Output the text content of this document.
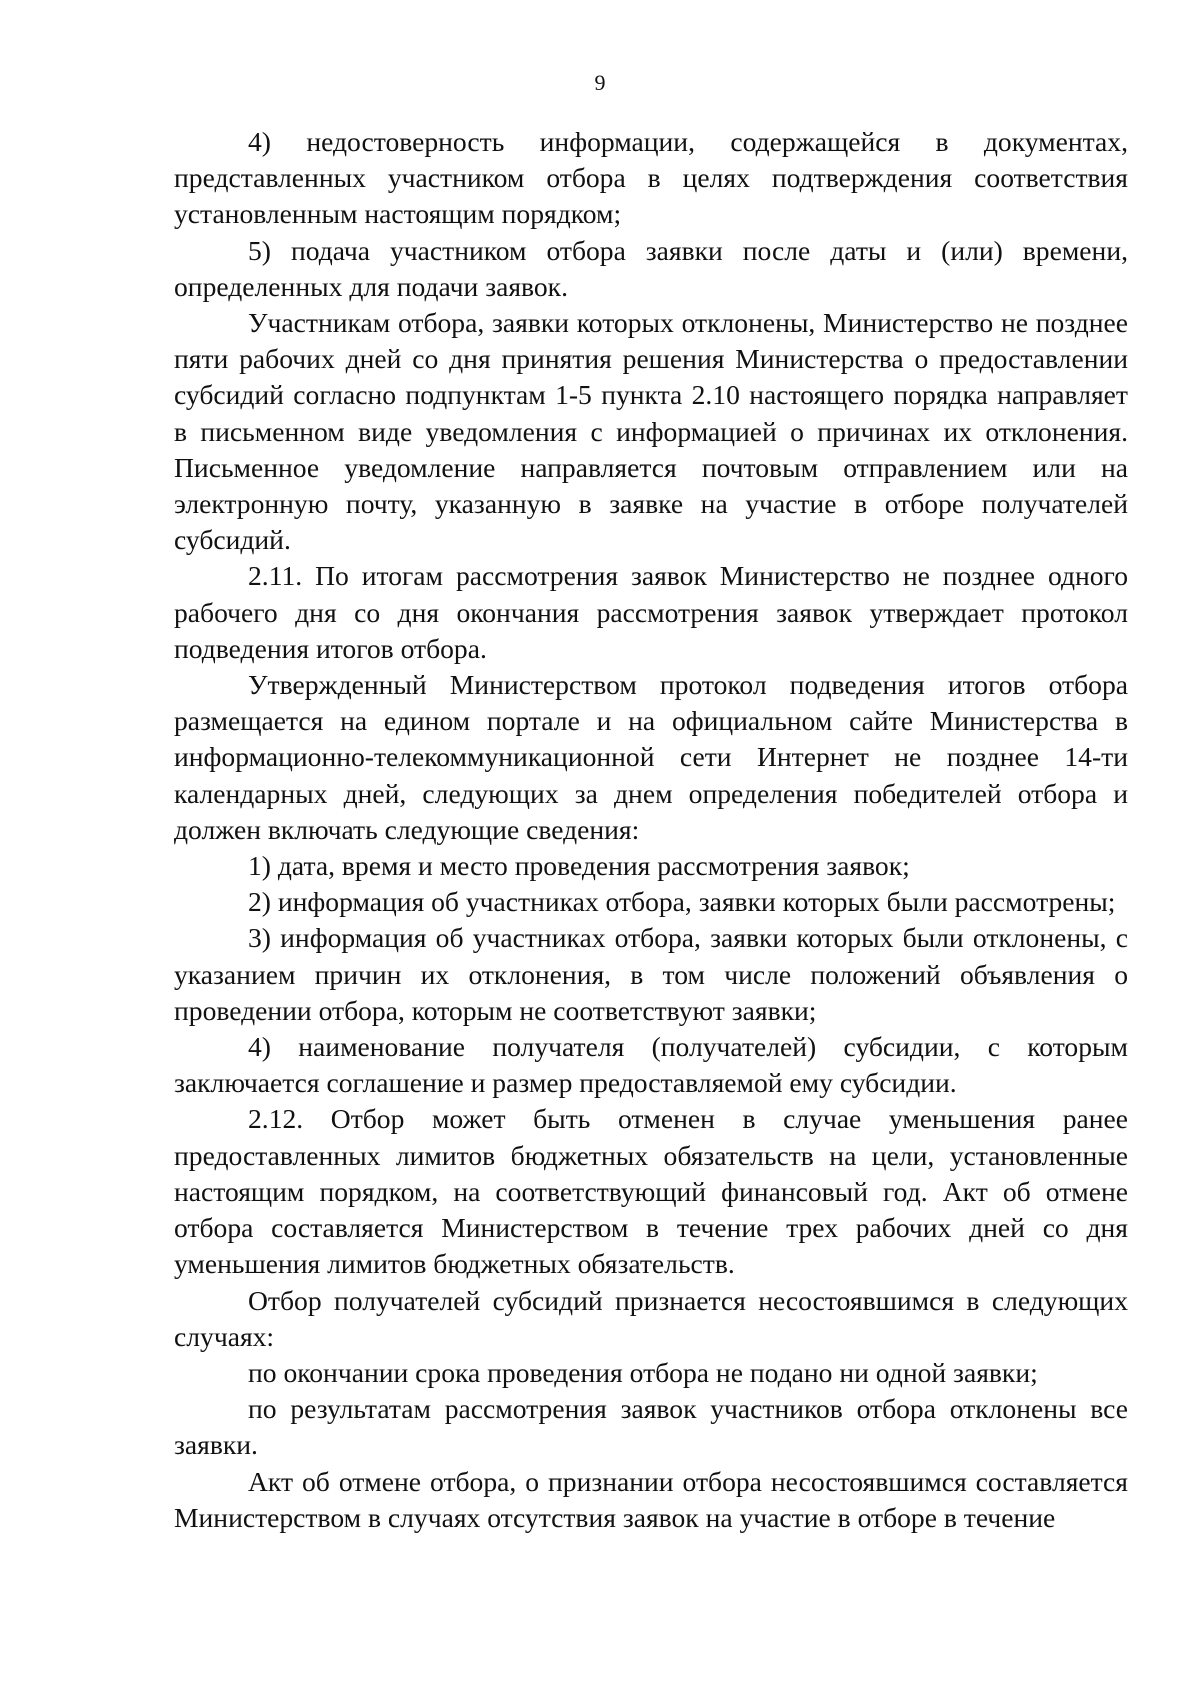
9

4) недостоверность информации, содержащейся в документах, представленных участником отбора в целях подтверждения соответствия установленным настоящим порядком;

5) подача участником отбора заявки после даты и (или) времени, определенных для подачи заявок.

Участникам отбора, заявки которых отклонены, Министерство не позднее пяти рабочих дней со дня принятия решения Министерства о предоставлении субсидий согласно подпунктам 1-5 пункта 2.10 настоящего порядка направляет в письменном виде уведомления с информацией о причинах их отклонения. Письменное уведомление направляется почтовым отправлением или на электронную почту, указанную в заявке на участие в отборе получателей субсидий.

2.11. По итогам рассмотрения заявок Министерство не позднее одного рабочего дня со дня окончания рассмотрения заявок утверждает протокол подведения итогов отбора.

Утвержденный Министерством протокол подведения итогов отбора размещается на едином портале и на официальном сайте Министерства в информационно-телекоммуникационной сети Интернет не позднее 14-ти календарных дней, следующих за днем определения победителей отбора и должен включать следующие сведения:

1) дата, время и место проведения рассмотрения заявок;

2) информация об участниках отбора, заявки которых были рассмотрены;

3) информация об участниках отбора, заявки которых были отклонены, с указанием причин их отклонения, в том числе положений объявления о проведении отбора, которым не соответствуют заявки;

4) наименование получателя (получателей) субсидии, с которым заключается соглашение и размер предоставляемой ему субсидии.

2.12. Отбор может быть отменен в случае уменьшения ранее предоставленных лимитов бюджетных обязательств на цели, установленные настоящим порядком, на соответствующий финансовый год. Акт об отмене отбора составляется Министерством в течение трех рабочих дней со дня уменьшения лимитов бюджетных обязательств.

Отбор получателей субсидий признается несостоявшимся в следующих случаях:

по окончании срока проведения отбора не подано ни одной заявки;

по результатам рассмотрения заявок участников отбора отклонены все заявки.

Акт об отмене отбора, о признании отбора несостоявшимся составляется Министерством в случаях отсутствия заявок на участие в отборе в течение
